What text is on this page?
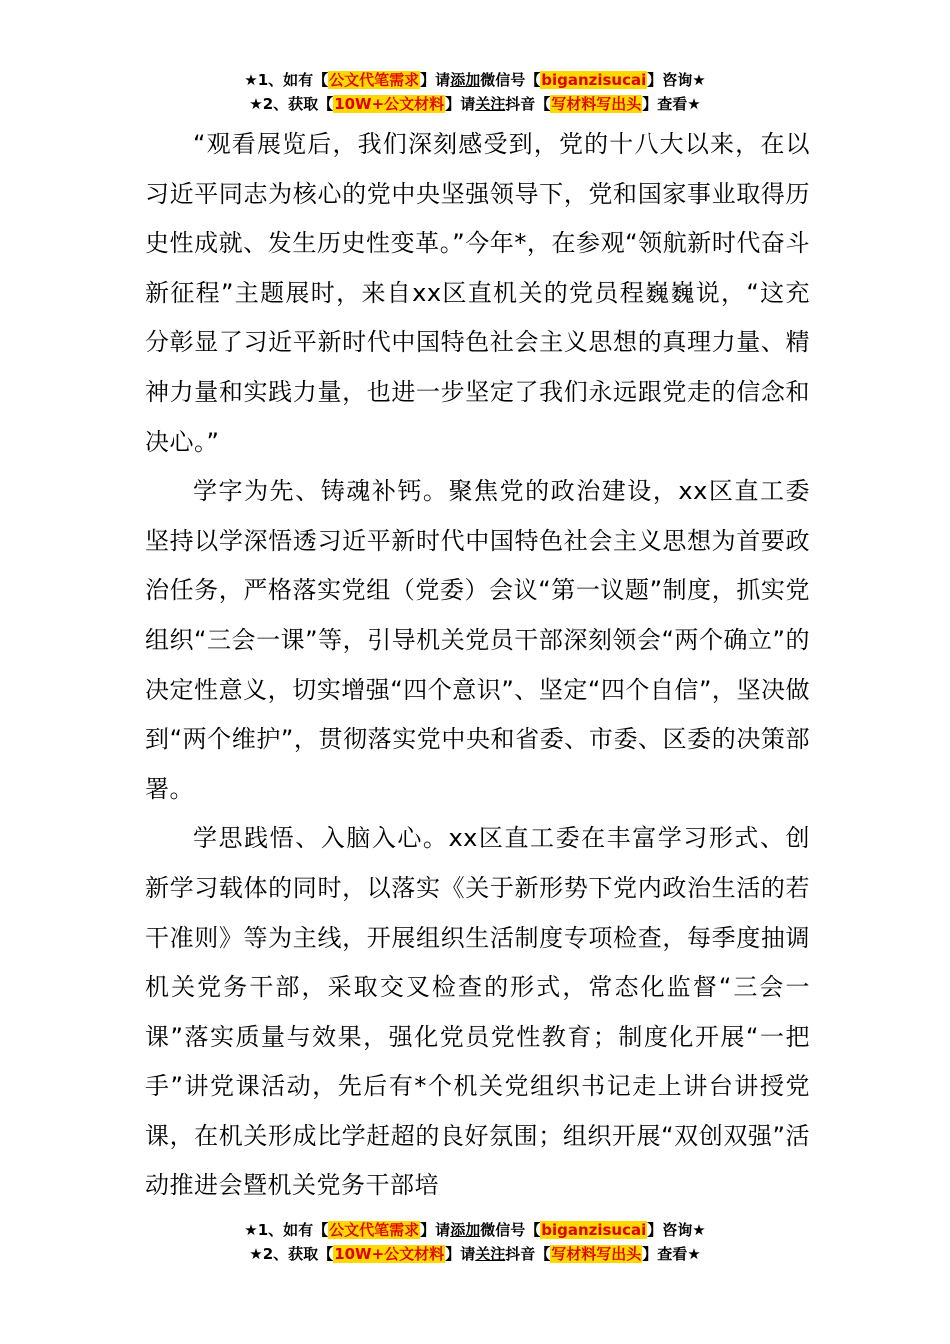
★1、如有【公文代笔需求】请添加微信号【biganzisucai】咨询★
★2、获取【10W+公文材料】请关注抖音【写材料写出头】查看★

“观看展览后，我们深刻感受到，党的十八大以来，在以习近平同志为核心的党中央坚强领导下，党和国家事业取得历史性成就、发生历史性变革。”今年*，在参观“领航新时代奋斗新征程”主题展时，来自xx区直机关的党员程巍巍说，“这充分彰显了习近平新时代中国特色社会主义思想的真理力量、精神力量和实践力量，也进一步坚定了我们永远跟党走的信念和决心。”

学字为先、铸魂补钙。聚焦党的政治建设，xx区直工委坚持以学深悟透习近平新时代中国特色社会主义思想为首要政治任务，严格落实党组（党委）会议“第一议题”制度，抓实党组织“三会一课”等，引导机关党员干部深刻领会“两个确立”的决定性意义，切实增强“四个意识”、坚定“四个自信”，坚决做到“两个维护”，贯彻落实党中央和省委、市委、区委的决策部署。

学思践悟、入脑入心。xx区直工委在丰富学习形式、创新学习载体的同时，以落实《关于新形势下党内政治生活的若干准则》等为主线，开展组织生活制度专项检查，每季度抽调机关党务干部，采取交叉检查的形式，常态化监督“三会一课”落实质量与效果，强化党员党性教育；制度化开展“一把手”讲党课活动，先后有*个机关党组织书记走上讲台讲授党课，在机关形成比学赶超的良好氛围；组织开展“双创双强”活动推进会暨机关党务干部培

★1、如有【公文代笔需求】请添加微信号【biganzisucai】咨询★
★2、获取【10W+公文材料】请关注抖音【写材料写出头】查看★
